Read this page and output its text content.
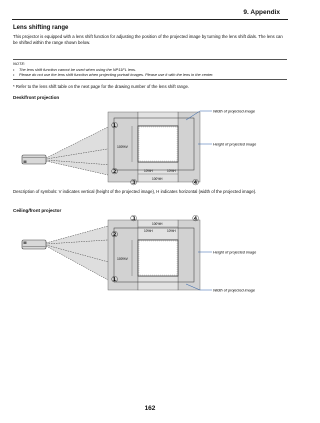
9. Appendix
Lens shifting range
This projector is equipped with a lens shift function for adjusting the position of the projected image by turning the lens shift dials. The lens can be shifted within the range shown below.
NOTE:
• The lens shift function cannot be used when using the NP11FL lens.
• Please do not use the lens shift function when projecting portrait images. Please use it with the lens in the center.
* Refer to the lens shift table on the next page for the drawing number of the lens shift range.
Desk/front projection
①
②
③	④
100%V
10%H	10%H
100%H
Width of projected image
Height of projected image
Description of symbols: V indicates vertical (height of the projected image), H indicates horizontal (width of the projected image).
Ceiling/front projector
③	④
②
①
100%H
10%H	10%H
100%V
Height of projected image
Width of projected image
162
